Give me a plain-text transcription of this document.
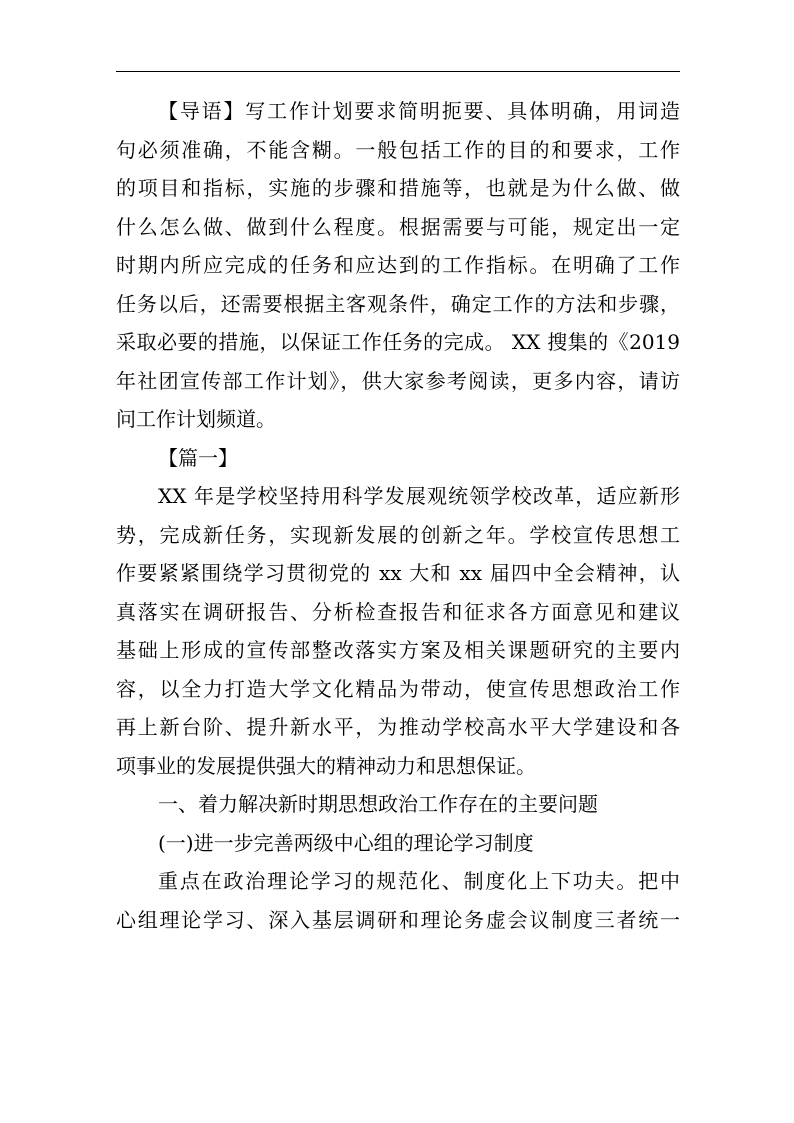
【导语】写工作计划要求简明扼要、具体明确，用词造
句必须准确，不能含糊。一般包括工作的目的和要求，工作
的项目和指标，实施的步骤和措施等，也就是为什么做、做
什么怎么做、做到什么程度。根据需要与可能，规定出一定
时期内所应完成的任务和应达到的工作指标。在明确了工作
任务以后，还需要根据主客观条件，确定工作的方法和步骤，
采取必要的措施，以保证工作任务的完成。 XX 搜集的《2019
年社团宣传部工作计划》，供大家参考阅读，更多内容，请访
问工作计划频道。
【篇一】
XX 年是学校坚持用科学发展观统领学校改革，适应新形
势，完成新任务，实现新发展的创新之年。学校宣传思想工
作要紧紧围绕学习贯彻党的 xx 大和 xx 届四中全会精神，认
真落实在调研报告、分析检查报告和征求各方面意见和建议
基础上形成的宣传部整改落实方案及相关课题研究的主要内
容，以全力打造大学文化精品为带动，使宣传思想政治工作
再上新台阶、提升新水平，为推动学校高水平大学建设和各
项事业的发展提供强大的精神动力和思想保证。
一、着力解决新时期思想政治工作存在的主要问题
(一)进一步完善两级中心组的理论学习制度
重点在政治理论学习的规范化、制度化上下功夫。把中
心组理论学习、深入基层调研和理论务虚会议制度三者统一
